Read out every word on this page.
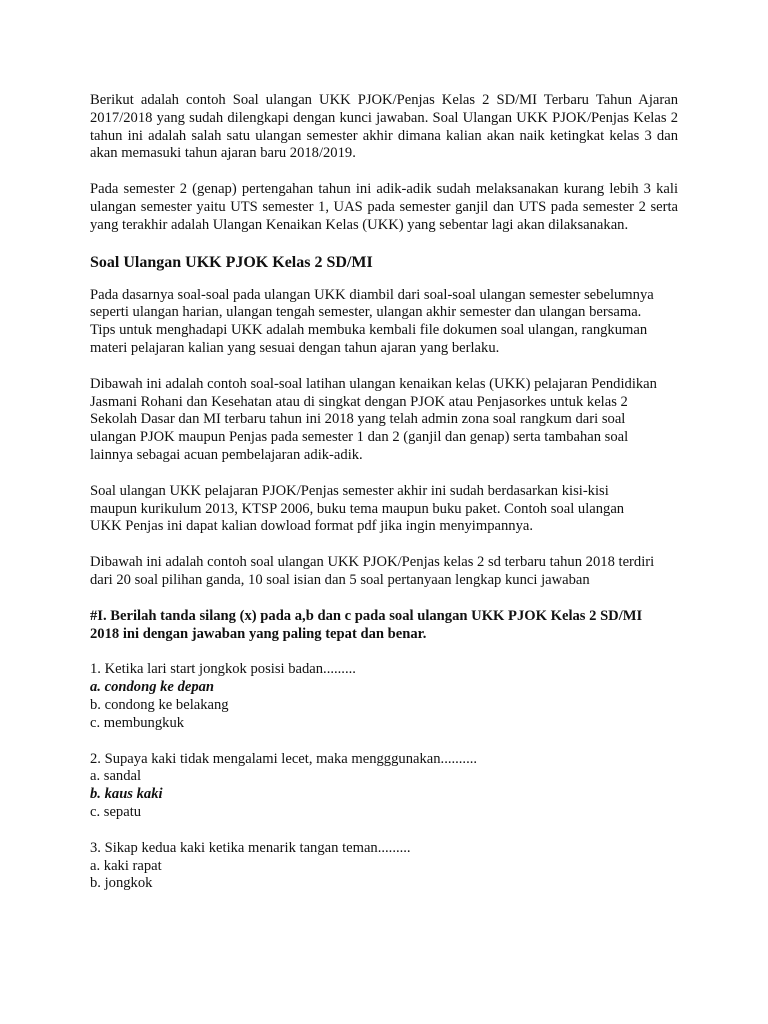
Berikut adalah contoh Soal ulangan UKK PJOK/Penjas Kelas 2 SD/MI Terbaru Tahun Ajaran 2017/2018 yang sudah dilengkapi dengan kunci jawaban. Soal Ulangan UKK PJOK/Penjas Kelas 2 tahun ini adalah salah satu ulangan semester akhir dimana kalian akan naik ketingkat kelas 3 dan akan memasuki tahun ajaran baru 2018/2019.

Pada semester 2 (genap) pertengahan tahun ini adik-adik sudah melaksanakan kurang lebih 3 kali ulangan semester yaitu UTS semester 1, UAS pada semester ganjil dan UTS pada semester 2 serta yang terakhir adalah Ulangan Kenaikan Kelas (UKK) yang sebentar lagi akan dilaksanakan.

Soal Ulangan UKK PJOK Kelas 2 SD/MI
Pada dasarnya soal-soal pada ulangan UKK diambil dari soal-soal ulangan semester sebelumnya
seperti ulangan harian, ulangan tengah semester, ulangan akhir semester dan ulangan bersama.
Tips untuk menghadapi UKK adalah membuka kembali file dokumen soal ulangan, rangkuman
materi pelajaran kalian yang sesuai dengan tahun ajaran yang berlaku.
Dibawah ini adalah contoh soal-soal latihan ulangan kenaikan kelas (UKK) pelajaran Pendidikan
Jasmani Rohani dan Kesehatan atau di singkat dengan PJOK atau Penjasorkes untuk kelas 2
Sekolah Dasar dan MI terbaru tahun ini 2018 yang telah admin zona soal rangkum dari soal
ulangan PJOK maupun Penjas pada semester 1 dan 2 (ganjil dan genap) serta tambahan soal
lainnya sebagai acuan pembelajaran adik-adik.
Soal ulangan UKK pelajaran PJOK/Penjas semester akhir ini sudah berdasarkan kisi-kisi
maupun kurikulum 2013, KTSP 2006, buku tema maupun buku paket. Contoh soal ulangan
UKK Penjas ini dapat kalian dowload format pdf jika ingin menyimpannya.
Dibawah ini adalah contoh soal ulangan UKK PJOK/Penjas kelas 2 sd terbaru tahun 2018 terdiri
dari 20 soal pilihan ganda, 10 soal isian dan 5 soal pertanyaan lengkap kunci jawaban
#I. Berilah tanda silang (x) pada a,b dan c pada soal ulangan UKK PJOK Kelas 2 SD/MI
2018 ini dengan jawaban yang paling tepat dan benar.
1. Ketika lari start jongkok posisi badan.........
a. condong ke depan
b. condong ke belakang
c. membungkuk
2. Supaya kaki tidak mengalami lecet, maka mengggunakan..........
a. sandal
b. kaus kaki
c. sepatu
3. Sikap kedua kaki ketika menarik tangan teman.........
a. kaki rapat
b. jongkok
